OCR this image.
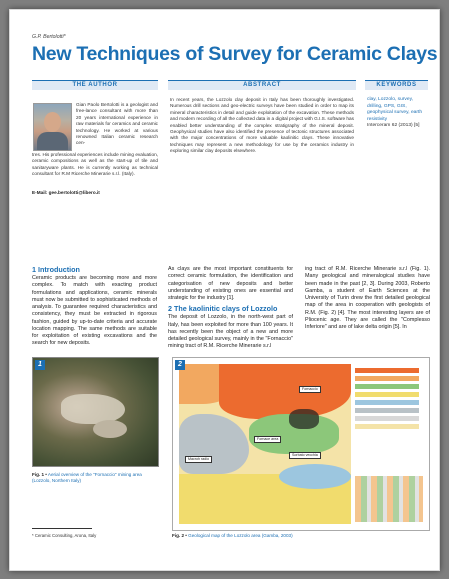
G.P. Bertolotti*
New Techniques of Survey for Ceramic Clays
THE AUTHOR	ABSTRACT	KEYWORDS
Gian Paolo Bertolotti is a geologist and free-lance consultant with more than 20 years international experience in raw materials for ceramics and ceramic technology. He worked at various renowned Italian ceramic research cen-
tres. His professional experiences include mining evaluation, ceramic compositions as well as the start-up of tile and sanitaryware plants. He is currently working as technical consultant for R.M Ricerche Minerarie s.r.l. (Italy).
E-Mail: gee.bertolotti@libero.it
In recent years, the Lozzolo clay deposit in Italy has been thoroughly investigated. Numerous drill sections and geo-electric surveys have been studied in order to map its mineral characteristics in detail and guide exploitation of the excavation. These methods and modern recording of all the collected data in a digital project with G.I.S. software has enabled better understanding of the complex stratigraphy of the mineral deposit. Geophysical studies have also identified the presence of tectonic structures associated with the major concentrations of more valuable kaolinitic clays. These innovative techniques may represent a new methodology for use by the ceramics industry in exploring similar clay deposits elsewhere.
clay, Lozzolo, survey, drilling, GPS, GIS, geophysical survey, earth resistivity
Interceram 62 (2013) [5]
1 Introduction
Ceramic products are becoming more and more complex. To match with exacting product formulations and applications, ceramic minerals must now be submitted to sophisticated methods of analysis. To guarantee required characteristics and consistency, they must be extracted in rigorous fashion, guided by up-to-date criteria and accurate location mapping. The same methods are suitable for exploitation of existing excavations and the search for new deposits.
As clays are the most important constituents for correct ceramic formulation, the identification and categorisation of new deposits and better understanding of existing ones are essential and strategic for the industry [1].
2 The kaolinitic clays of Lozzolo
The deposit of Lozzolo, in the north-west part of Italy, has been exploited for more than 100 years. It has recently been the object of a new and more detailed geological survey, mainly in the "Fornaccio" mining tract of R.M. Ricerche Minerarie s.r.l
ing tract of R.M. Ricerche Minerarie s.r.l (Fig. 1). Many geological and mineralogical studies have been made in the past [2, 3]. During 2003, Roberto Gamba, a student of Earth Sciences at the University of Turin drew the first detailed geological map of the area in cooperation with geologists of R.M. (Fig. 2) [4]. The most interesting layers are of Pliocenic age. They are called the "Complesso Inferiore" and are of lake delta origin [5]. In
1
Fig. 1 • Aerial overview of the "Fornaccio" mining area (Lozzolo, Northern Italy)
Fornaccio
Fornace area
Macroh radio
Sorbato vecchia
2
Fig. 2 • Geological map of the Lozzolo area (Gamba, 2003)
* Ceramic Consulting, Arona, Italy
